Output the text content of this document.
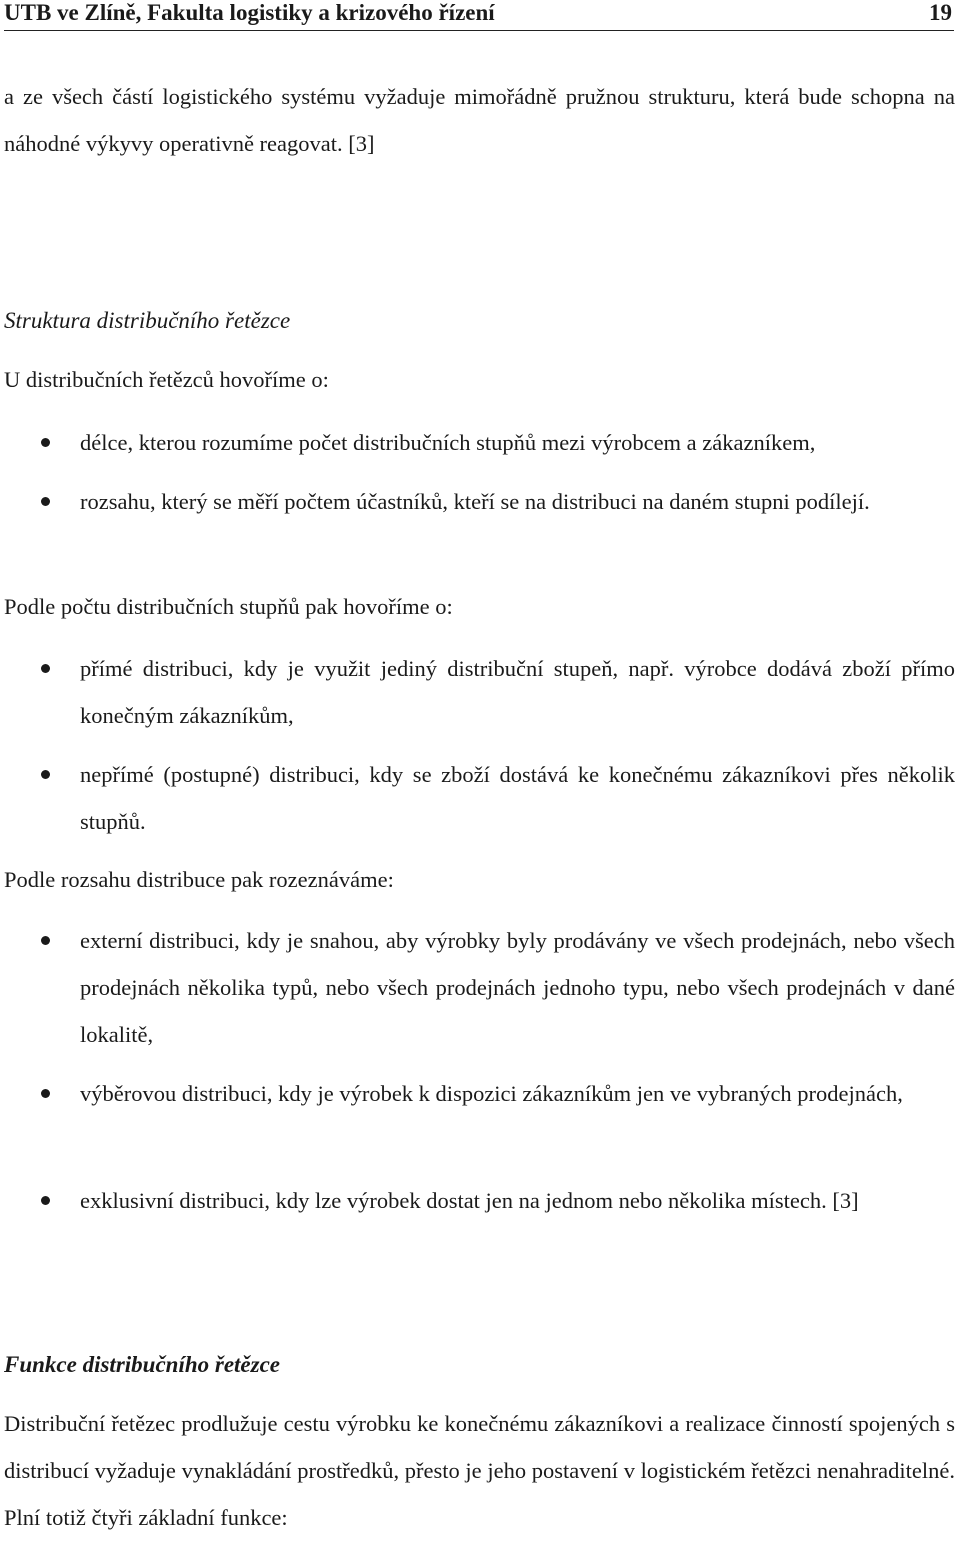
UTB ve Zlíně, Fakulta logistiky a krizového řízení	19

a ze všech částí logistického systému vyžaduje mimořádně pružnou strukturu, která bude schopna na náhodné výkyvy operativně reagovat. [3]

Struktura distribučního řetězce
U distribučních řetězců hovoříme o:

délce, kterou rozumíme počet distribučních stupňů mezi výrobcem a zákazníkem,

rozsahu, který se měří počtem účastníků, kteří se na distribuci na daném stupni podílejí.

Podle počtu distribučních stupňů pak hovoříme o:

přímé distribuci, kdy je využit jediný distribuční stupeň, např. výrobce dodává zboží přímo konečným zákazníkům,

nepřímé (postupné) distribuci, kdy se zboží dostává ke konečnému zákazníkovi přes několik stupňů.

Podle rozsahu distribuce pak rozeznáváme:

externí distribuci, kdy je snahou, aby výrobky byly prodávány ve všech prodejnách, nebo všech prodejnách několika typů, nebo všech prodejnách jednoho typu, nebo všech prodejnách v dané lokalitě,

výběrovou distribuci, kdy je výrobek k dispozici zákazníkům jen ve vybraných prodejnách,

exklusivní distribuci, kdy lze výrobek dostat jen na jednom nebo několika místech. [3]

Funkce distribučního řetězce

Distribuční řetězec prodlužuje cestu výrobku ke konečnému zákazníkovi a realizace činností spojených s distribucí vyžaduje vynakládání prostředků, přesto je jeho postavení v logistickém řetězci nenahraditelné. Plní totiž čtyři základní funkce:
